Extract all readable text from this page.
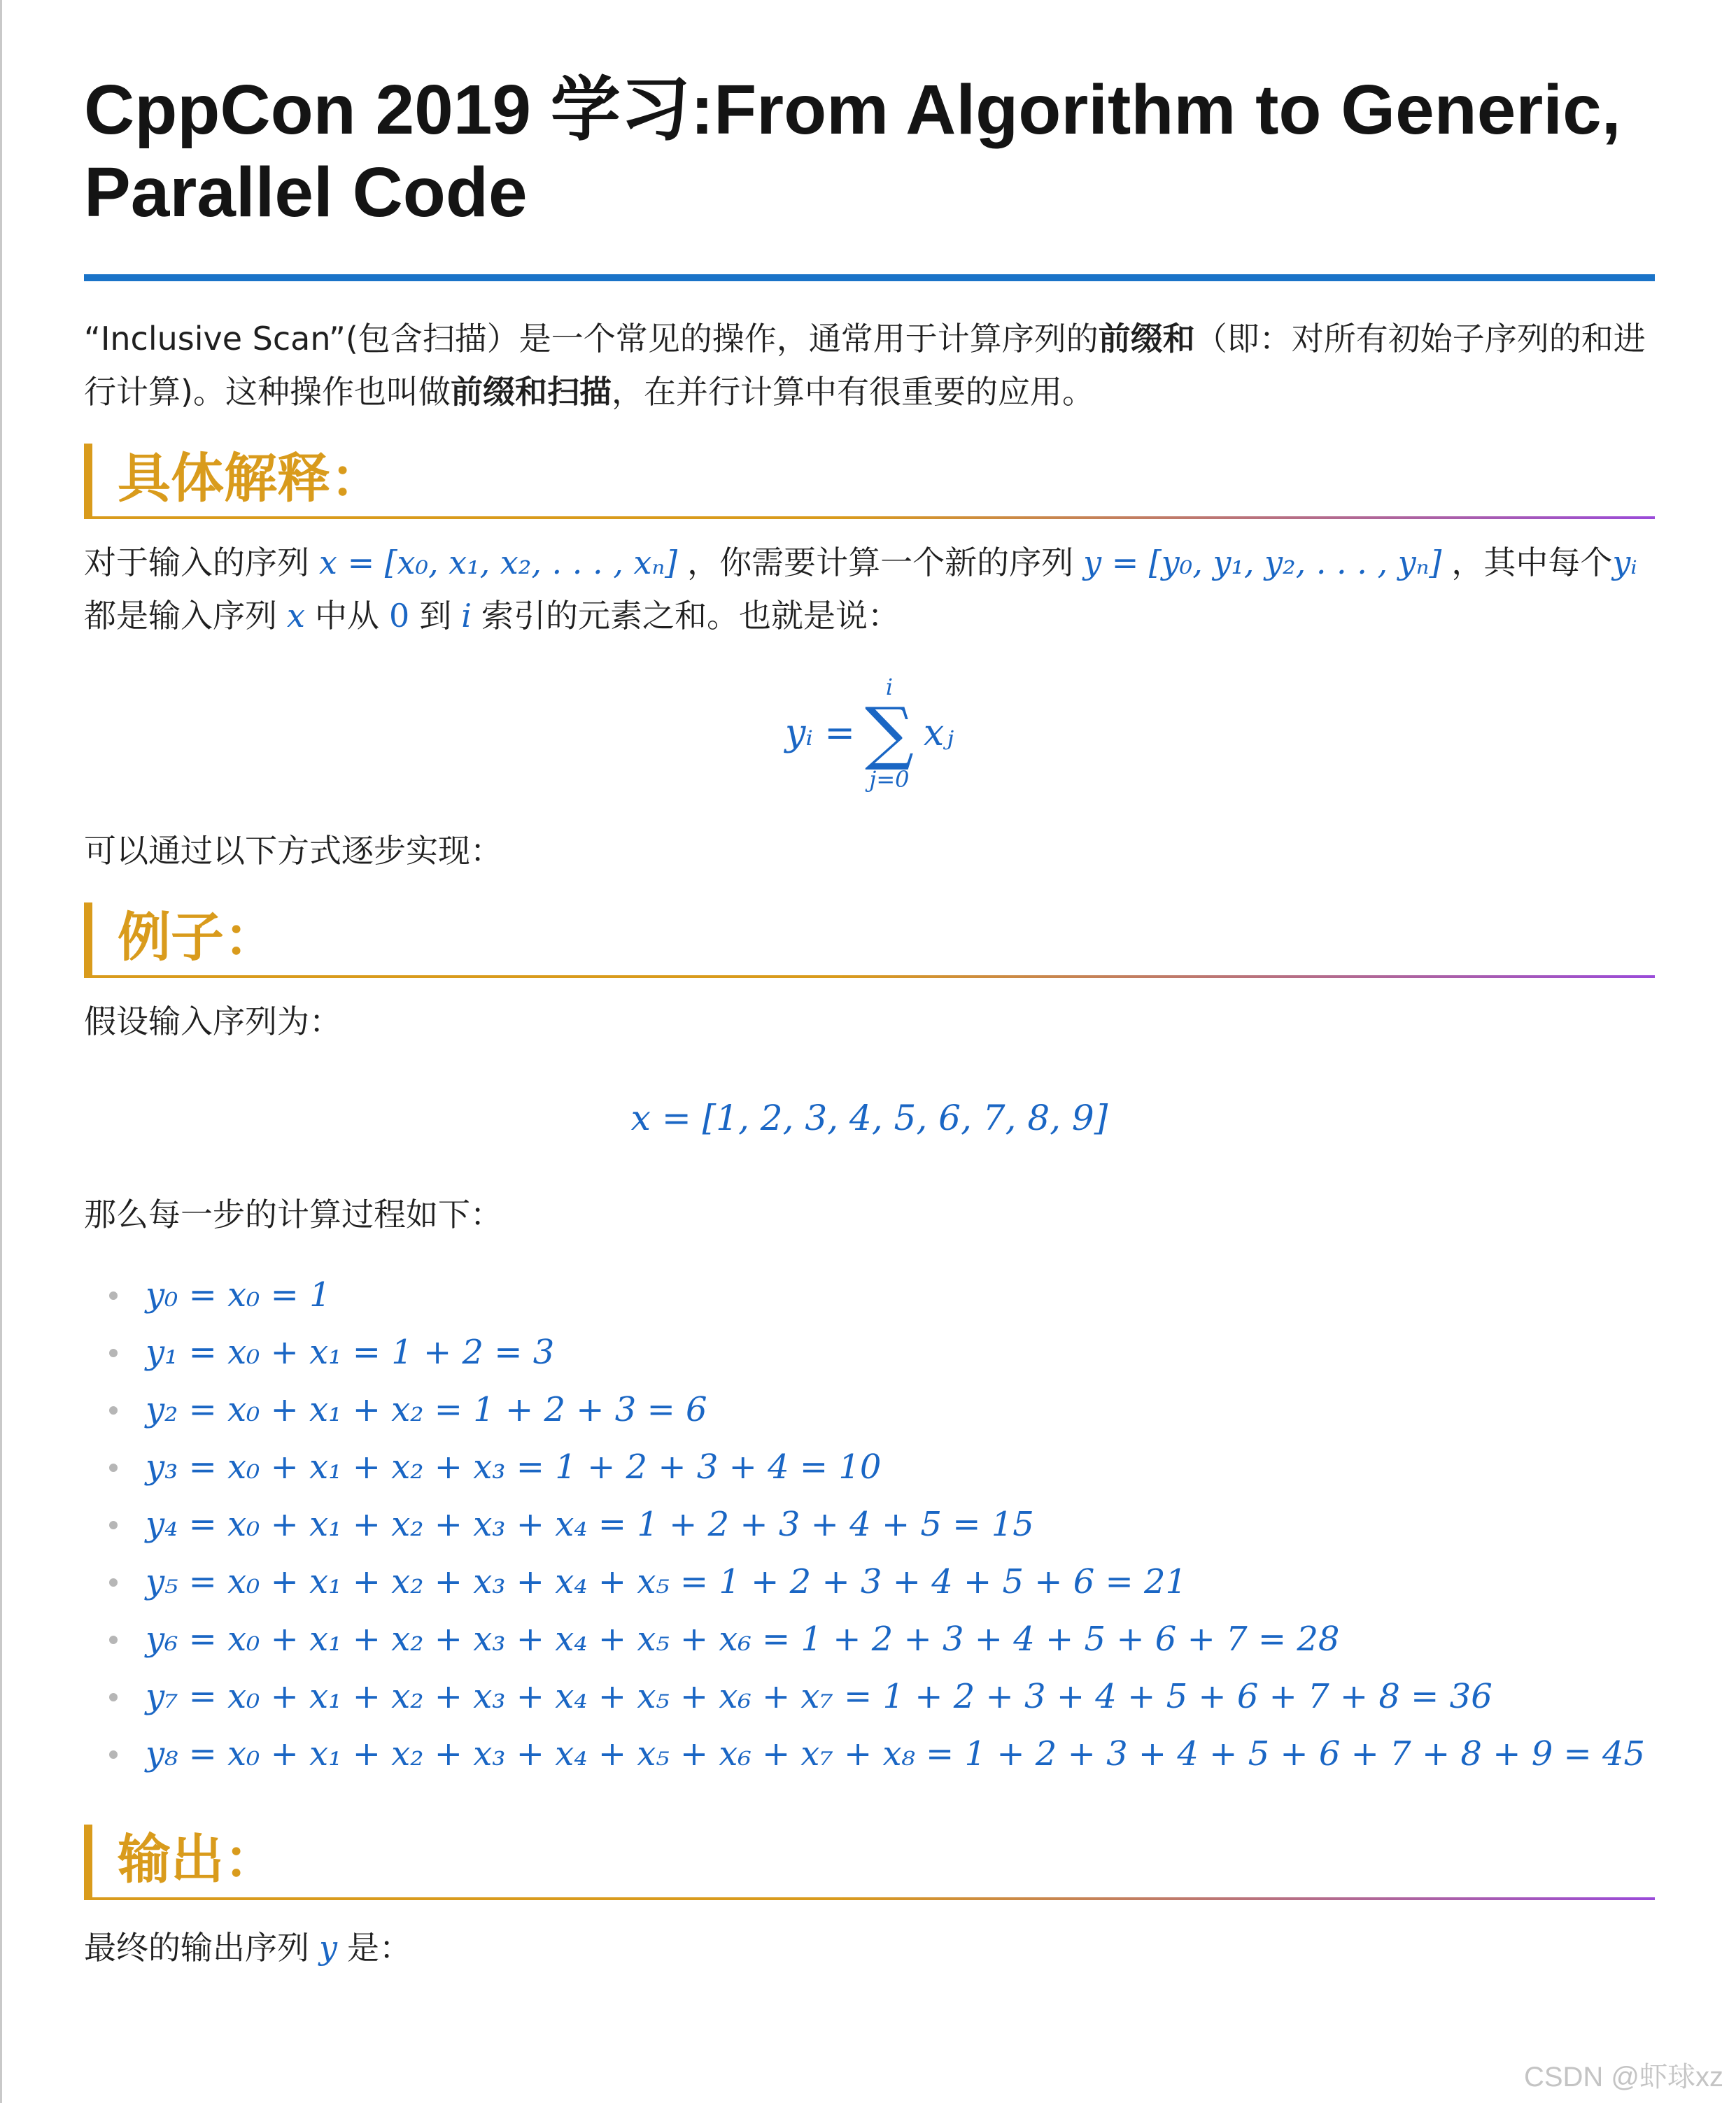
CppCon 2019 学习:From Algorithm to Generic, Parallel Code

“Inclusive Scan”(包含扫描）是一个常见的操作，通常用于计算序列的前缀和（即：对所有初始子序列的和进行计算)。这种操作也叫做前缀和扫描，在并行计算中有很重要的应用。

具体解释：

对于输入的序列 x = [x₀, x₁, x₂, . . . , xₙ] ，你需要计算一个新的序列 y = [y₀, y₁, y₂, . . . , yₙ] ，其中每个yᵢ都是输入序列 x 中从 0 到 i 索引的元素之和。也就是说：

yᵢ =
i
∑
j=0
xⱼ

可以通过以下方式逐步实现：

例子：

假设输入序列为：

x = [1, 2, 3, 4, 5, 6, 7, 8, 9]

那么每一步的计算过程如下：

y₀ = x₀ = 1
y₁ = x₀ + x₁ = 1 + 2 = 3
y₂ = x₀ + x₁ + x₂ = 1 + 2 + 3 = 6
y₃ = x₀ + x₁ + x₂ + x₃ = 1 + 2 + 3 + 4 = 10
y₄ = x₀ + x₁ + x₂ + x₃ + x₄ = 1 + 2 + 3 + 4 + 5 = 15
y₅ = x₀ + x₁ + x₂ + x₃ + x₄ + x₅ = 1 + 2 + 3 + 4 + 5 + 6 = 21
y₆ = x₀ + x₁ + x₂ + x₃ + x₄ + x₅ + x₆ = 1 + 2 + 3 + 4 + 5 + 6 + 7 = 28
y₇ = x₀ + x₁ + x₂ + x₃ + x₄ + x₅ + x₆ + x₇ = 1 + 2 + 3 + 4 + 5 + 6 + 7 + 8 = 36
y₈ = x₀ + x₁ + x₂ + x₃ + x₄ + x₅ + x₆ + x₇ + x₈ = 1 + 2 + 3 + 4 + 5 + 6 + 7 + 8 + 9 = 45
输出：

最终的输出序列 y 是：

CSDN @虾球xz
